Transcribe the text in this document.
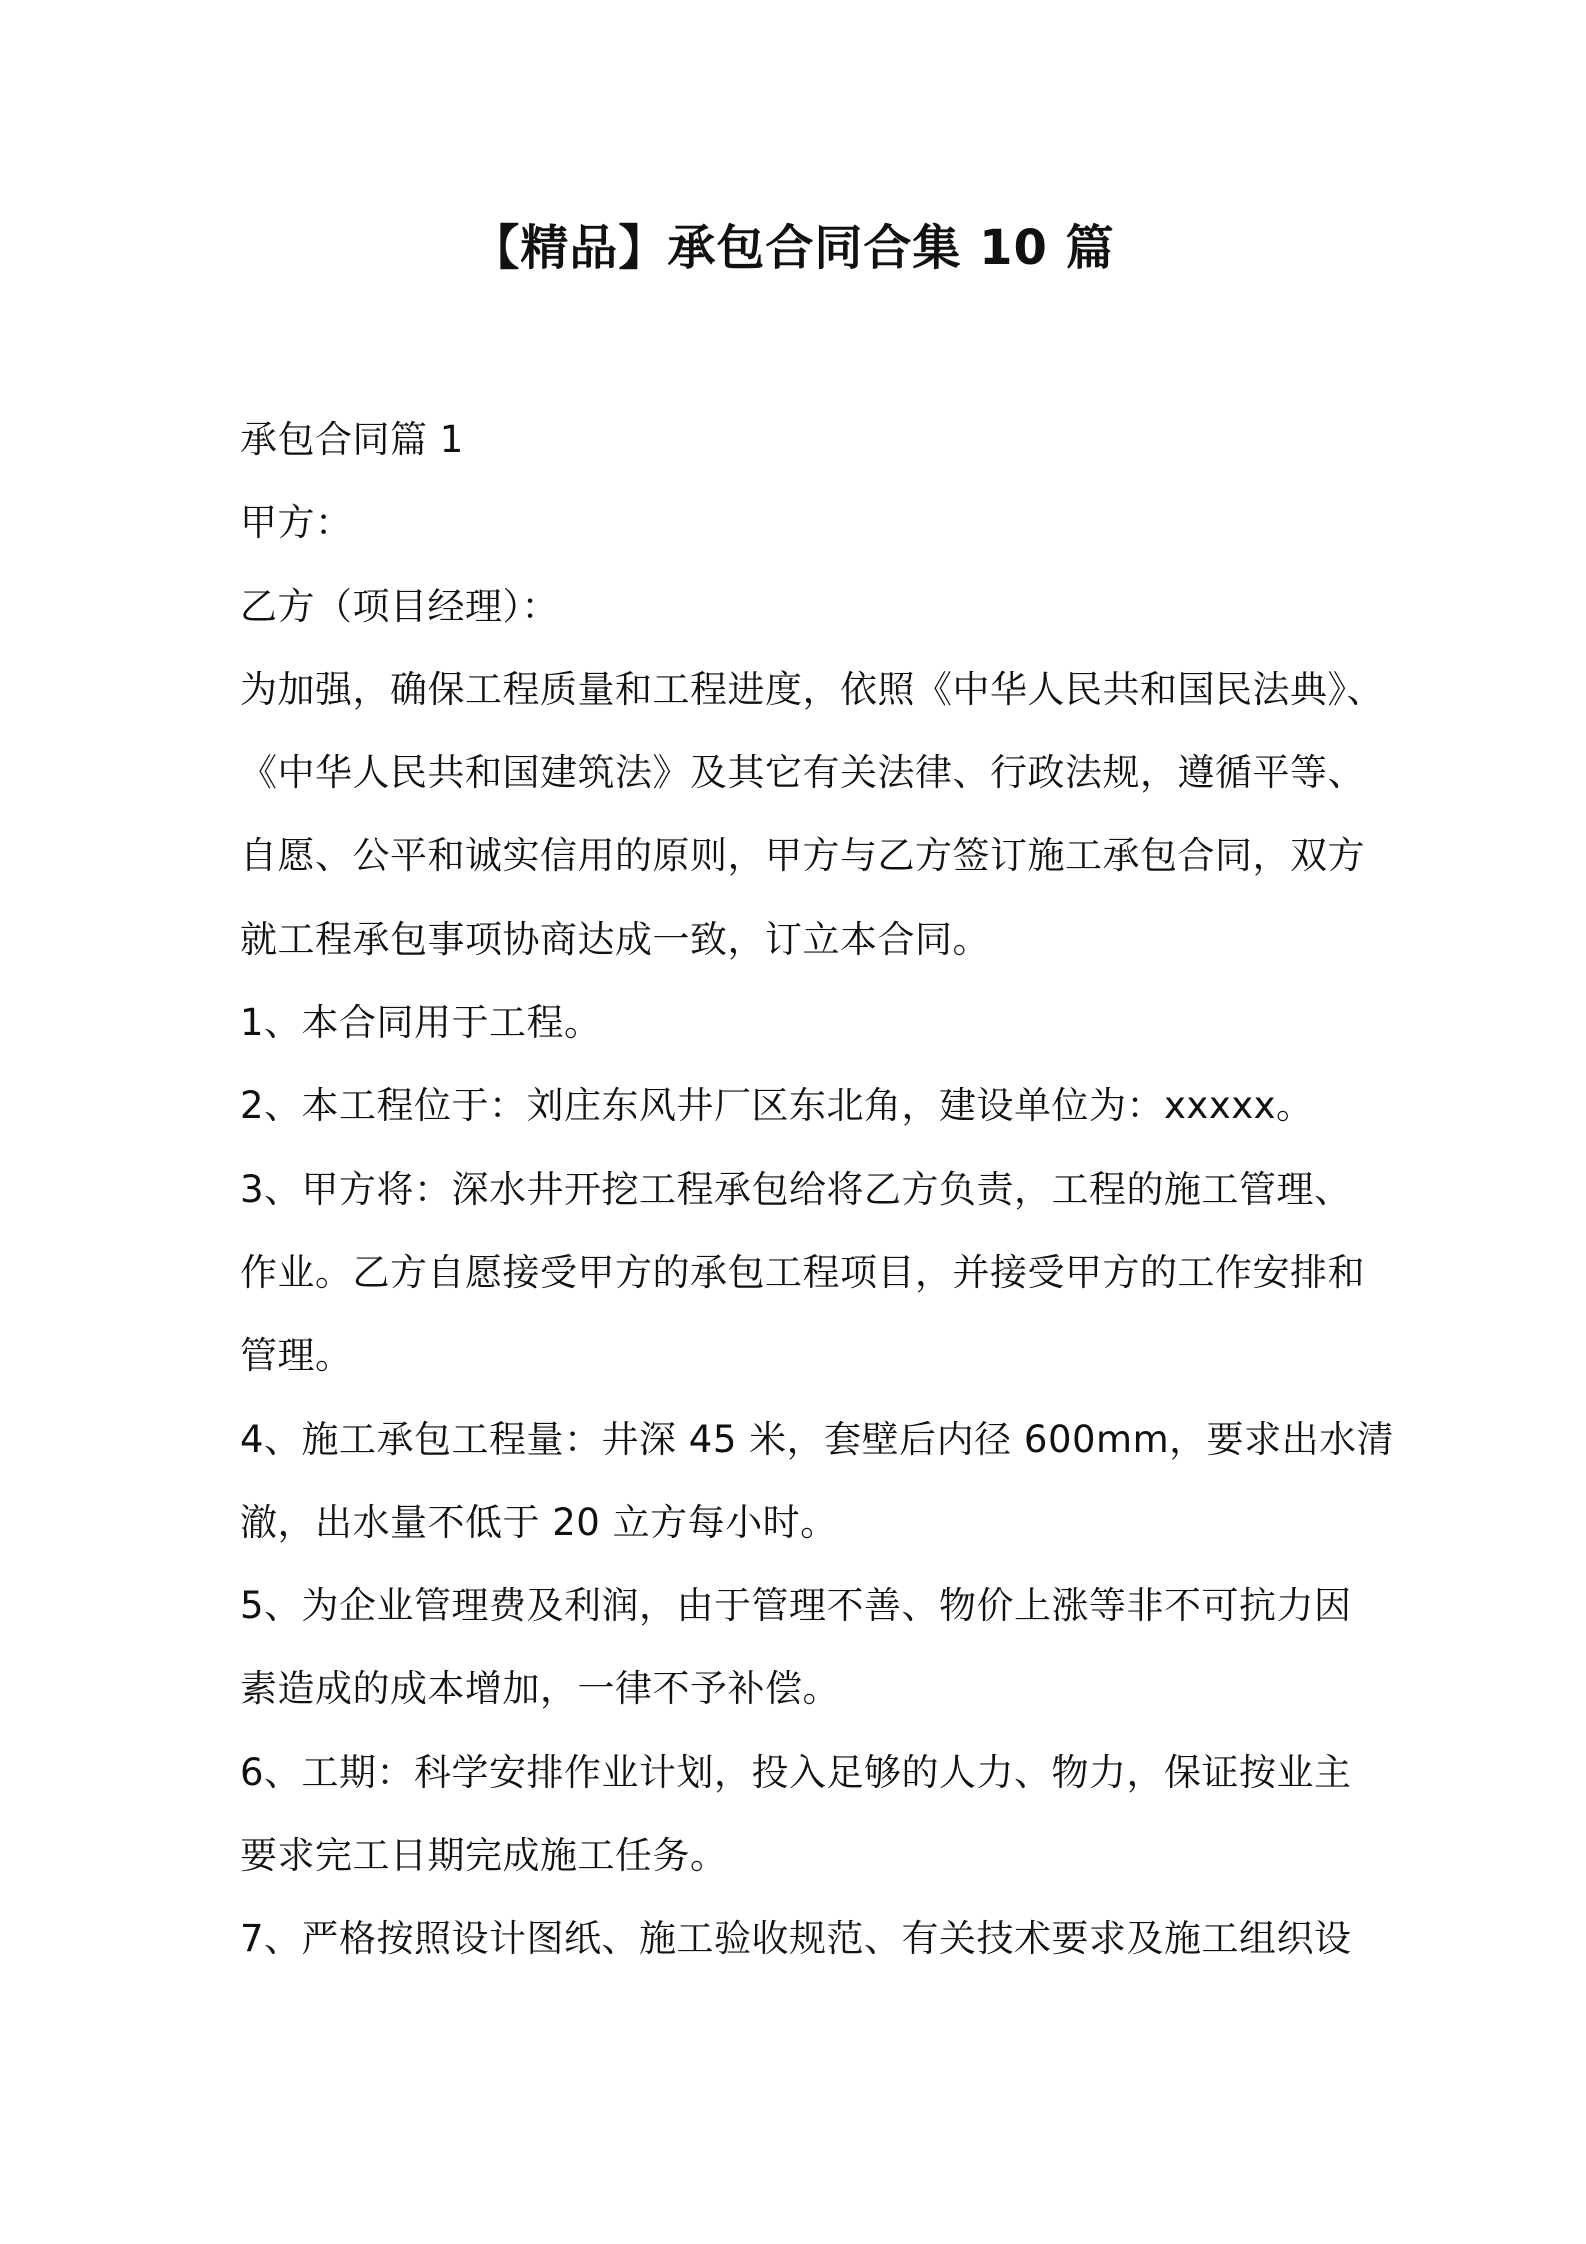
【精品】承包合同合集 10 篇
承包合同篇 1
甲方：
乙方（项目经理）：
为加强，确保工程质量和工程进度，依照《中华人民共和国民法典》、
《中华人民共和国建筑法》及其它有关法律、行政法规，遵循平等、
自愿、公平和诚实信用的原则，甲方与乙方签订施工承包合同，双方
就工程承包事项协商达成一致，订立本合同。
1、本合同用于工程。
2、本工程位于：刘庄东风井厂区东北角，建设单位为：xxxxx。
3、甲方将：深水井开挖工程承包给将乙方负责，工程的施工管理、
作业。乙方自愿接受甲方的承包工程项目，并接受甲方的工作安排和
管理。
4、施工承包工程量：井深 45 米，套壁后内径 600mm，要求出水清
澈，出水量不低于 20 立方每小时。
5、为企业管理费及利润，由于管理不善、物价上涨等非不可抗力因
素造成的成本增加，一律不予补偿。
6、工期：科学安排作业计划，投入足够的人力、物力，保证按业主
要求完工日期完成施工任务。
7、严格按照设计图纸、施工验收规范、有关技术要求及施工组织设
